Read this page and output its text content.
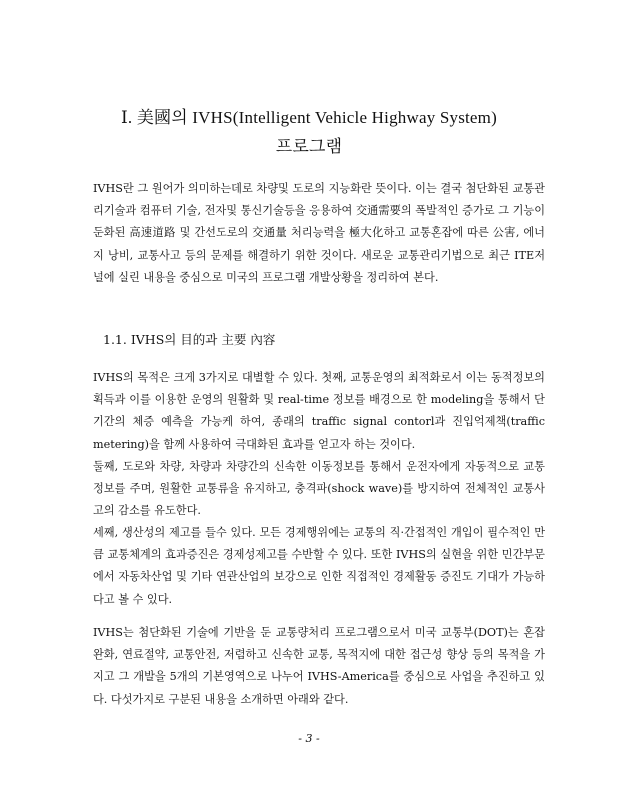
Ⅰ. 美國의 IVHS(Intelligent Vehicle Highway System)
프로그램

IVHS란 그 원어가 의미하는데로 차량및 도로의 지능화란 뜻이다. 이는 결국 첨단화된 교통관리기술과 컴퓨터 기술, 전자및 통신기술등을 응용하여 交通需要의 폭발적인 증가로 그 기능이 둔화된 高速道路 및 간선도로의 交通量 처리능력을 極大化하고 교통혼잡에 따른 公害, 에너지 낭비, 교통사고 등의 문제를 해결하기 위한 것이다. 새로운 교통관리기법으로 최근 ITE저널에 실린 내용을 중심으로 미국의 프로그램 개발상황을 정리하여 본다.

1.1. IVHS의 目的과 主要 內容

IVHS의 목적은 크게 3가지로 대별할 수 있다. 첫째, 교통운영의 최적화로서 이는 동적정보의 획득과 이를 이용한 운영의 원활화 및 real-time 정보를 배경으로 한 modeling을 통해서 단기간의 체증 예측을 가능케 하여, 종래의 traffic signal contorl과 진입억제책(traffic metering)을 함께 사용하여 극대화된 효과를 얻고자 하는 것이다.

둘째, 도로와 차량, 차량과 차량간의 신속한 이동정보를 통해서 운전자에게 자동적으로 교통정보를 주며, 원활한 교통류을 유지하고, 충격파(shock wave)를 방지하여 전체적인 교통사고의 감소를 유도한다.

세째, 생산성의 제고를 들수 있다. 모든 경제행위에는 교통의 직·간접적인 개입이 필수적인 만큼 교통체계의 효과증진은 경제성제고를 수반할 수 있다. 또한 IVHS의 실현을 위한 민간부문에서 자동차산업 및 기타 연관산업의 보강으로 인한 직접적인 경제활동 증진도 기대가 가능하다고 볼 수 있다.

IVHS는 첨단화된 기술에 기반을 둔 교통량처리 프로그램으로서 미국 교통부(DOT)는 혼잡완화, 연료절약, 교통안전, 저렴하고 신속한 교통, 목적지에 대한 접근성 향상 등의 목적을 가지고 그 개발을 5개의 기본영역으로 나누어 IVHS-America를 중심으로 사업을 추진하고 있다. 다섯가지로 구분된 내용을 소개하면 아래와 같다.

- 3 -
